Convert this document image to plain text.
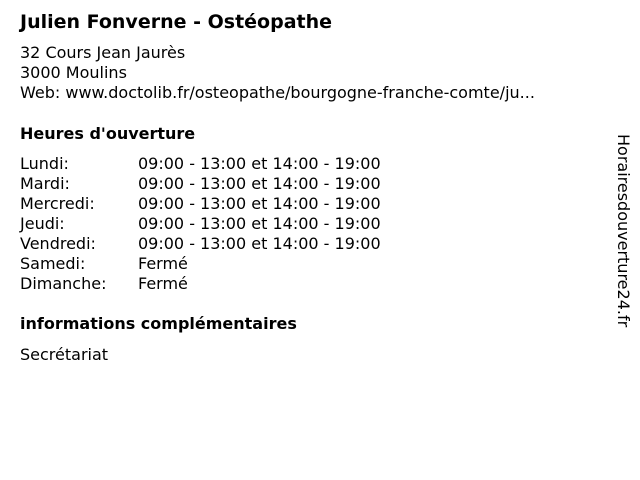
Julien Fonverne - Ostéopathe
32 Cours Jean Jaurès
3000 Moulins
Web: www.doctolib.fr/osteopathe/bourgogne-franche-comte/ju...
Heures d'ouverture
Lundi:	09:00 - 13:00 et 14:00 - 19:00
Mardi:	09:00 - 13:00 et 14:00 - 19:00
Mercredi:	09:00 - 13:00 et 14:00 - 19:00
Jeudi:	09:00 - 13:00 et 14:00 - 19:00
Vendredi:	09:00 - 13:00 et 14:00 - 19:00
Samedi:	Fermé
Dimanche:	Fermé
informations complémentaires
Secrétariat
Horairesdouverture24.fr
